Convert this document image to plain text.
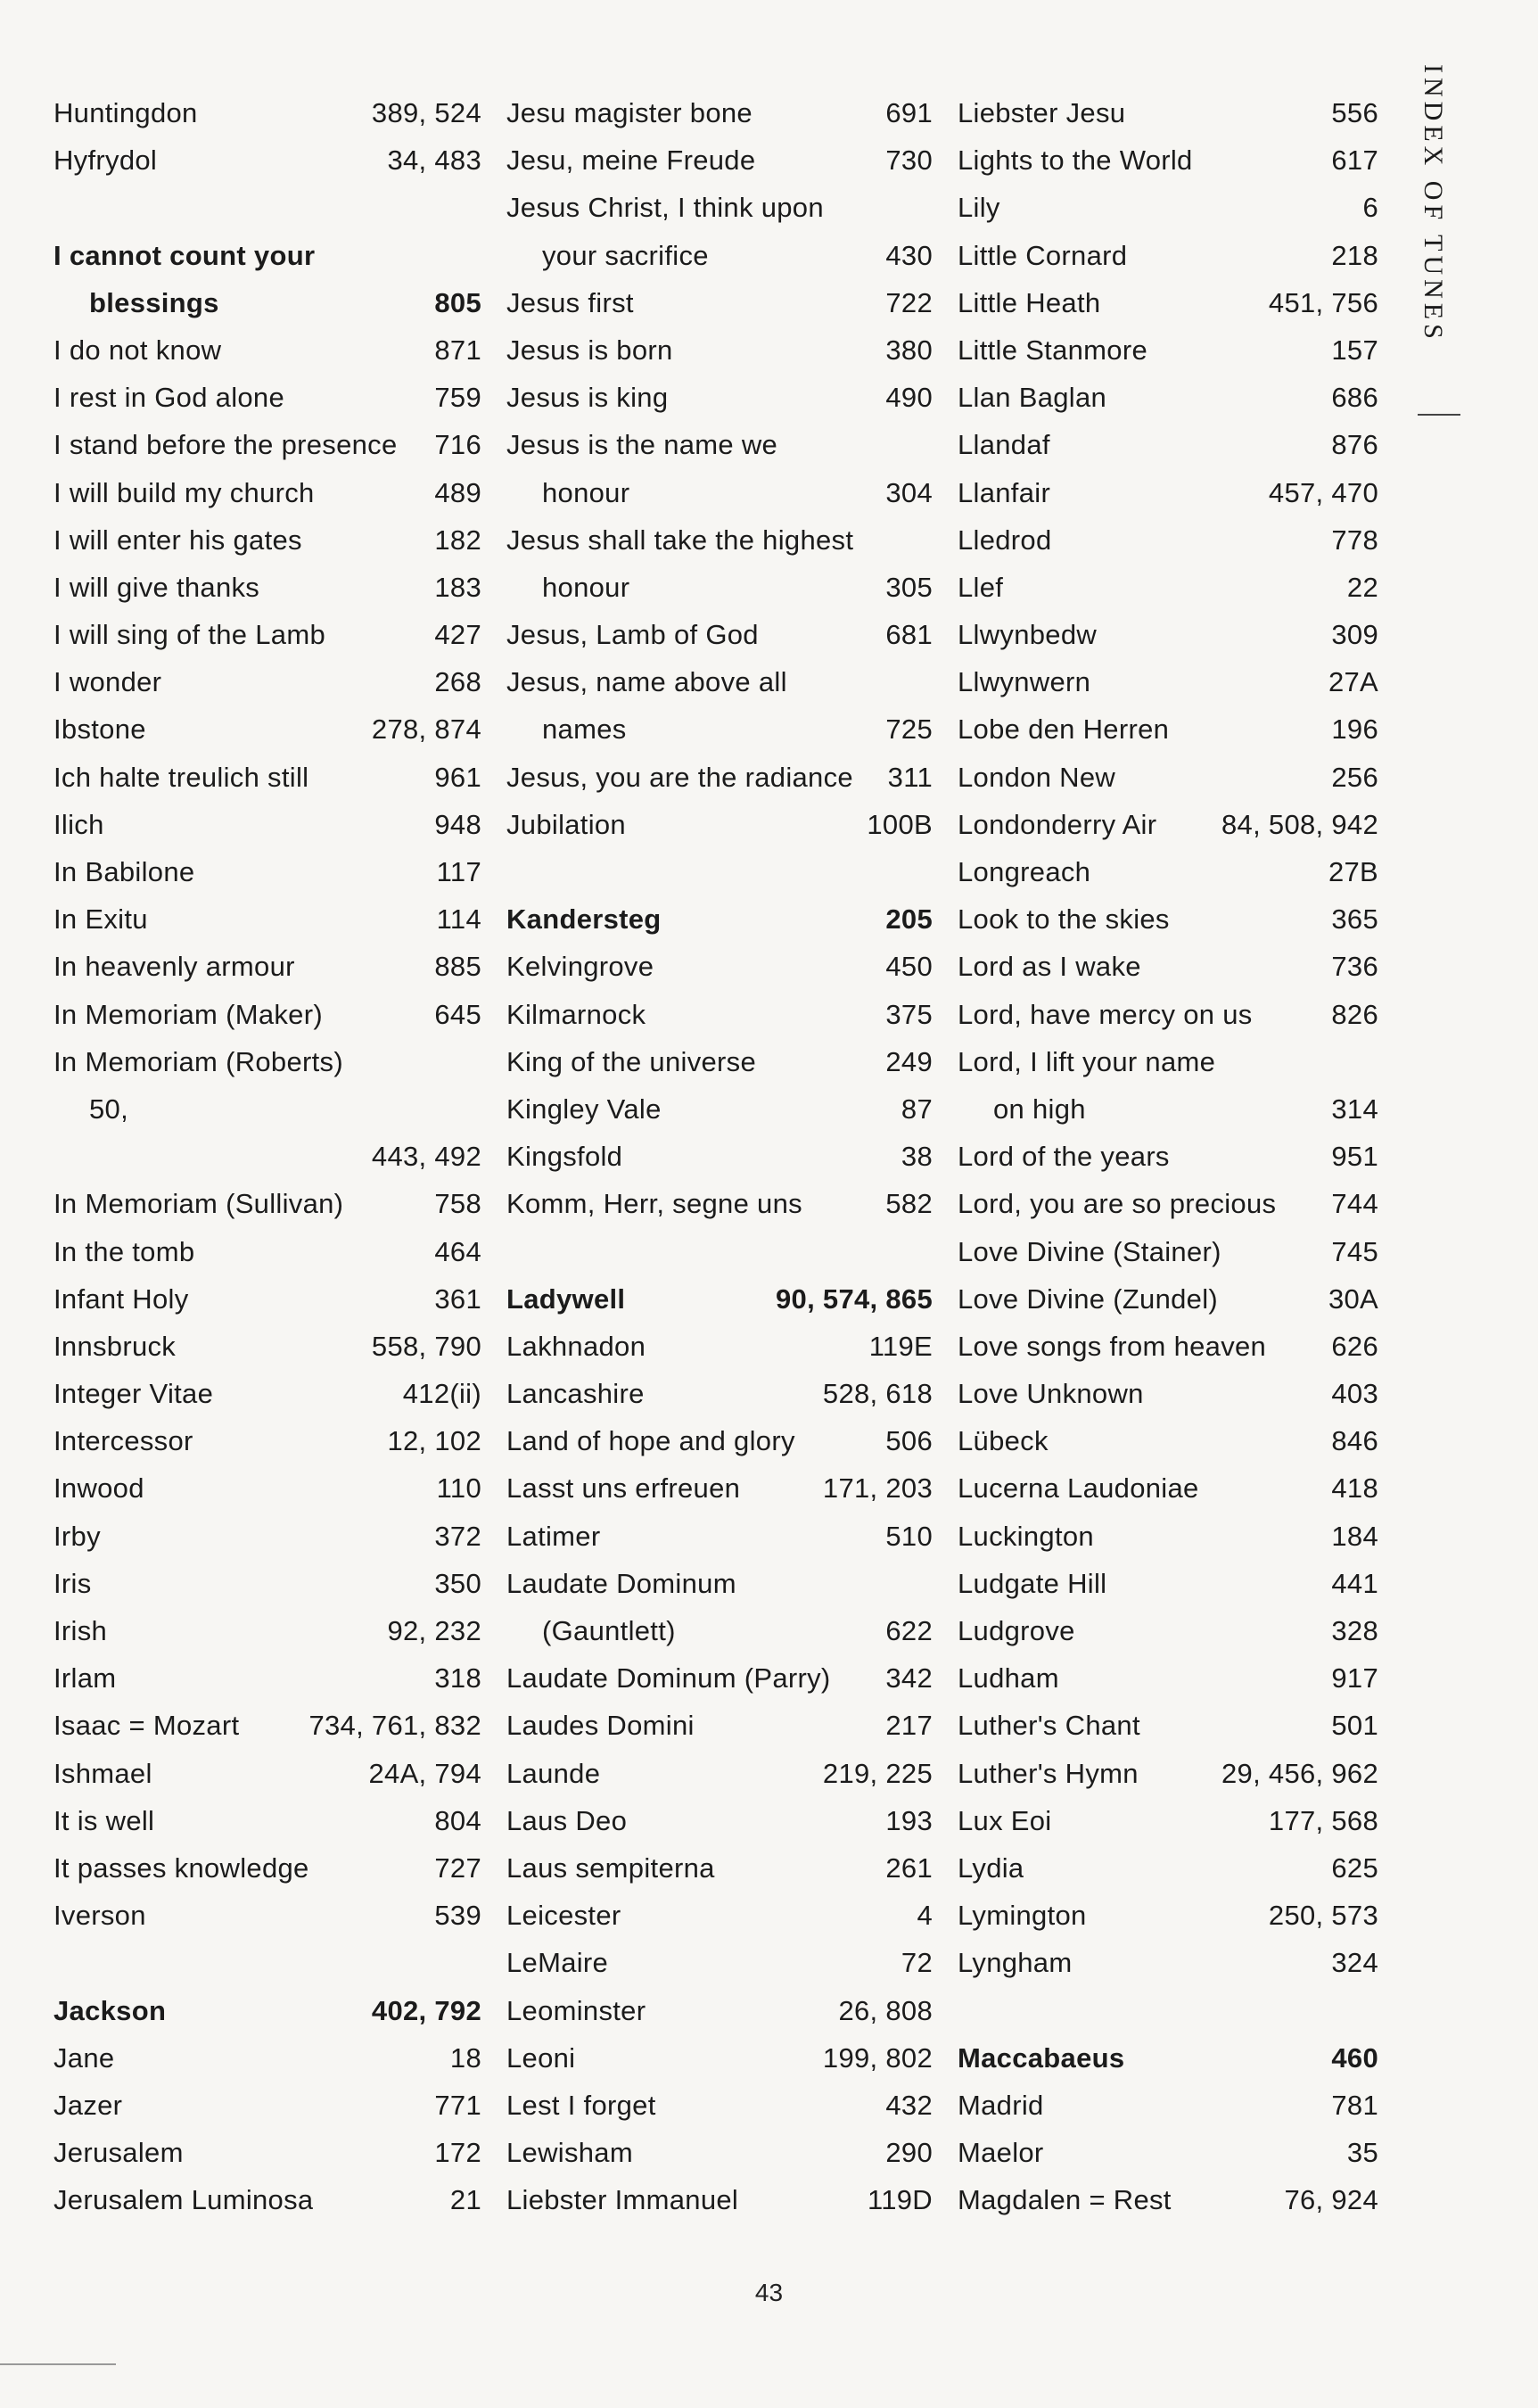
Huntingdon	389, 524
Hyfrydol	34, 483
I cannot count your
blessings	805
I do not know	871
I rest in God alone	759
I stand before the presence 716
I will build my church	489
I will enter his gates	182
I will give thanks	183
I will sing of the Lamb	427
I wonder	268
Ibstone	278, 874
Ich halte treulich still	961
Ilich	948
In Babilone	117
In Exitu	114
In heavenly armour	885
In Memoriam (Maker)	645
In Memoriam (Roberts)
50,
443, 492
In Memoriam (Sullivan)	758
In the tomb	464
Infant Holy	361
Innsbruck	558, 790
Integer Vitae	412(ii)
Intercessor	12, 102
Inwood	110
Irby	372
Iris	350
Irish	92, 232
Irlam	318
Isaac = Mozart	734, 761, 832
Ishmael	24A, 794
It is well	804
It passes knowledge	727
Iverson	539
Jackson	402, 792
Jane	18
Jazer	771
Jerusalem	172
Jerusalem Luminosa	21
Jesu magister bone	691
Jesu, meine Freude	730
Jesus Christ, I think upon
your sacrifice	430
Jesus first	722
Jesus is born	380
Jesus is king	490
Jesus is the name we
honour	304
Jesus shall take the highest
honour	305
Jesus, Lamb of God	681
Jesus, name above all
names	725
Jesus, you are the radiance 311
Jubilation	100B
Kandersteg	205
Kelvingrove	450
Kilmarnock	375
King of the universe	249
Kingley Vale	87
Kingsfold	38
Komm, Herr, segne uns	582
Ladywell	90, 574, 865
Lakhnadon	119E
Lancashire	528, 618
Land of hope and glory	506
Lasst uns erfreuen	171, 203
Latimer	510
Laudate Dominum
(Gauntlett)	622
Laudate Dominum (Parry) 342
Laudes Domini	217
Launde	219, 225
Laus Deo	193
Laus sempiterna	261
Leicester	4
LeMaire	72
Leominster	26, 808
Leoni	199, 802
Lest I forget	432
Lewisham	290
Liebster Immanuel	119D
Liebster Jesu	556
Lights to the World	617
Lily	6
Little Cornard	218
Little Heath	451, 756
Little Stanmore	157
Llan Baglan	686
Llandaf	876
Llanfair	457, 470
Lledrod	778
Llef	22
Llwynbedw	309
Llwynwern	27A
Lobe den Herren	196
London New	256
Londonderry Air 84, 508, 942
Longreach	27B
Look to the skies	365
Lord as I wake	736
Lord, have mercy on us	826
Lord, I lift your name
on high	314
Lord of the years	951
Lord, you are so precious 744
Love Divine (Stainer)	745
Love Divine (Zundel)	30A
Love songs from heaven 626
Love Unknown	403
Lübeck	846
Lucerna Laudoniae	418
Luckington	184
Ludgate Hill	441
Ludgrove	328
Ludham	917
Luther's Chant	501
Luther's Hymn	29, 456, 962
Lux Eoi	177, 568
Lydia	625
Lymington	250, 573
Lyngham	324
Maccabaeus	460
Madrid	781
Maelor	35
Magdalen = Rest	76, 924
INDEX OF TUNES
43
